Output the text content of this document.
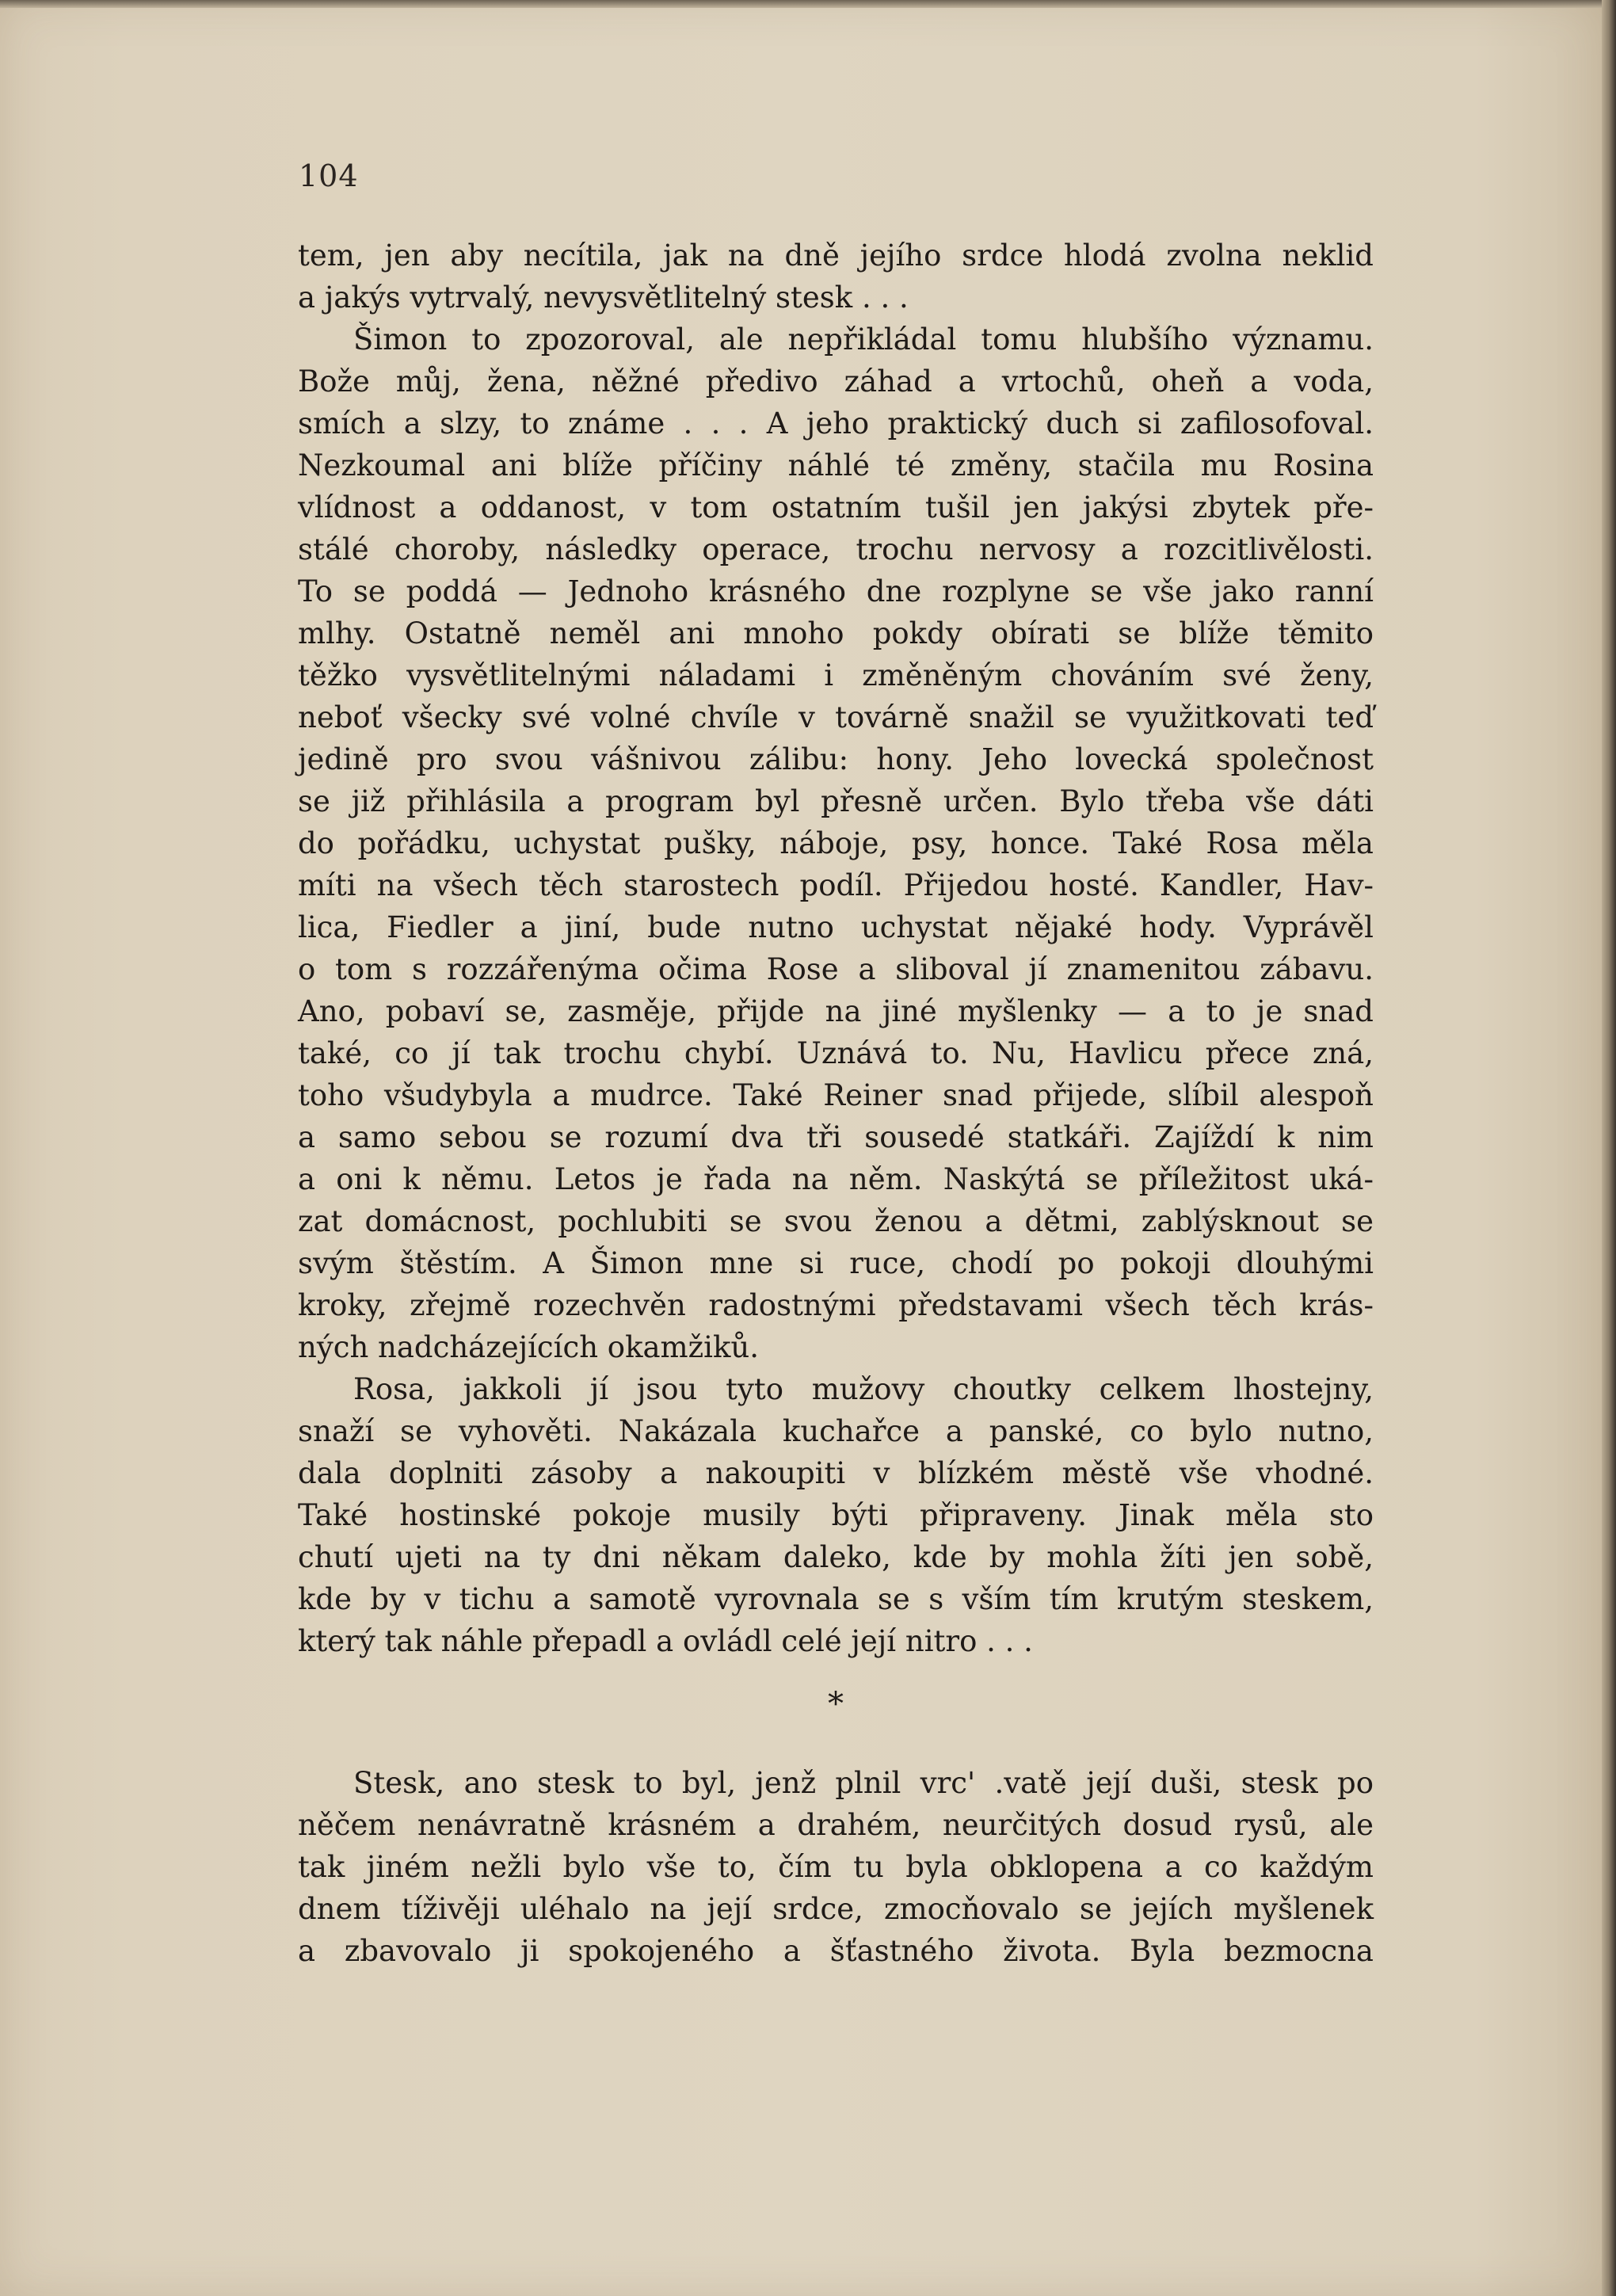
104
tem, jen aby necítila, jak na dně jejího srdce hlodá zvolna neklid
a jakýs vytrvalý, nevysvětlitelný stesk . . .
Šimon to zpozoroval, ale nepřikládal tomu hlubšího významu.
Bože můj, žena, něžné předivo záhad a vrtochů, oheň a voda,
smích a slzy, to známe . . . A jeho praktický duch si zafilosofoval.
Nezkoumal ani blíže příčiny náhlé té změny, stačila mu Rosina
vlídnost a oddanost, v tom ostatním tušil jen jakýsi zbytek pře-
stálé choroby, následky operace, trochu nervosy a rozcitlivělosti.
To se poddá — Jednoho krásného dne rozplyne se vše jako ranní
mlhy. Ostatně neměl ani mnoho pokdy obírati se blíže těmito
těžko vysvětlitelnými náladami i změněným chováním své ženy,
neboť všecky své volné chvíle v továrně snažil se využitkovati teď
jedině pro svou vášnivou zálibu: hony. Jeho lovecká společnost
se již přihlásila a program byl přesně určen. Bylo třeba vše dáti
do pořádku, uchystat pušky, náboje, psy, honce. Také Rosa měla
míti na všech těch starostech podíl. Přijedou hosté. Kandler, Hav-
lica, Fiedler a jiní, bude nutno uchystat nějaké hody. Vyprávěl
o tom s rozzářenýma očima Rose a sliboval jí znamenitou zábavu.
Ano, pobaví se, zasměje, přijde na jiné myšlenky — a to je snad
také, co jí tak trochu chybí. Uznává to. Nu, Havlicu přece zná,
toho všudybyla a mudrce. Také Reiner snad přijede, slíbil alespoň
a samo sebou se rozumí dva tři sousedé statkáři. Zajíždí k nim
a oni k němu. Letos je řada na něm. Naskýtá se příležitost uká-
zat domácnost, pochlubiti se svou ženou a dětmi, zablýsknout se
svým štěstím. A Šimon mne si ruce, chodí po pokoji dlouhými
kroky, zřejmě rozechvěn radostnými představami všech těch krás-
ných nadcházejících okamžiků.
Rosa, jakkoli jí jsou tyto mužovy choutky celkem lhostejny,
snaží se vyhověti. Nakázala kuchařce a panské, co bylo nutno,
dala doplniti zásoby a nakoupiti v blízkém městě vše vhodné.
Také hostinské pokoje musily býti připraveny. Jinak měla sto
chutí ujeti na ty dni někam daleko, kde by mohla žíti jen sobě,
kde by v tichu a samotě vyrovnala se s vším tím krutým steskem,
který tak náhle přepadl a ovládl celé její nitro . . .
*
Stesk, ano stesk to byl, jenž plnil vrc' .vatě její duši, stesk po
něčem nenávratně krásném a drahém, neurčitých dosud rysů, ale
tak jiném nežli bylo vše to, čím tu byla obklopena a co každým
dnem tíživěji uléhalo na její srdce, zmocňovalo se jejích myšlenek
a zbavovalo ji spokojeného a šťastného života. Byla bezmocna
